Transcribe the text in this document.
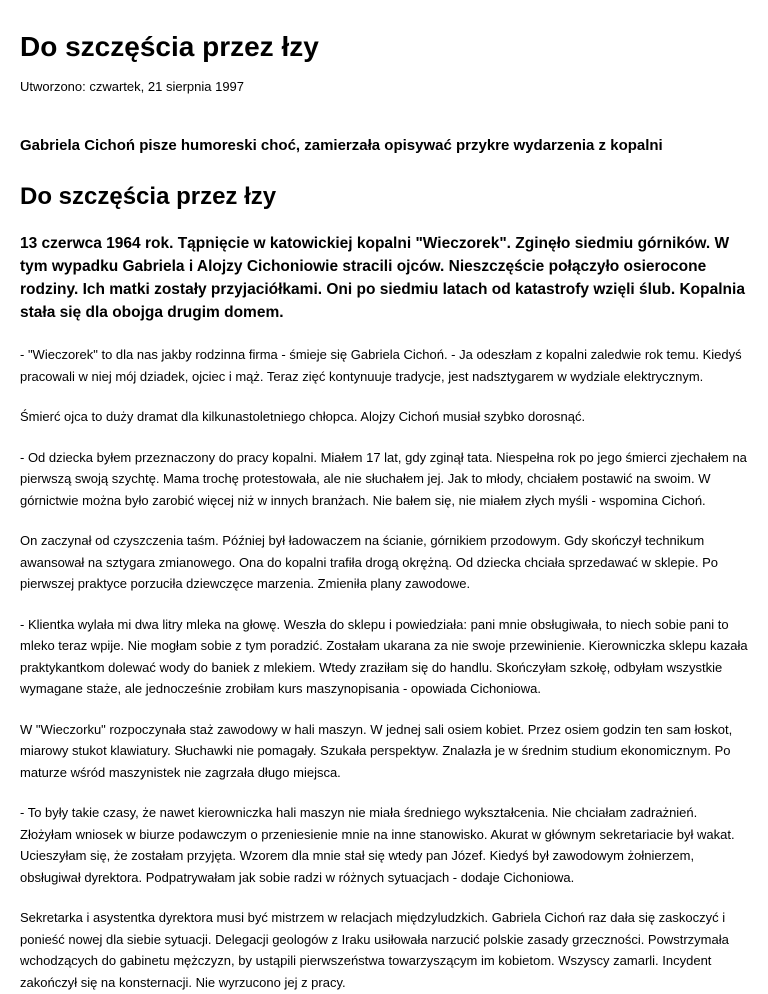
Do szczęścia przez łzy
Utworzono: czwartek, 21 sierpnia 1997
Gabriela Cichoń pisze humoreski choć, zamierzała opisywać przykre wydarzenia z kopalni
Do szczęścia przez łzy

13 czerwca 1964 rok. Tąpnięcie w katowickiej kopalni "Wieczorek". Zginęło siedmiu górników. W tym wypadku Gabriela i Alojzy Cichoniowie stracili ojców. Nieszczęście połączyło osierocone rodziny. Ich matki zostały przyjaciółkami. Oni po siedmiu latach od katastrofy wzięli ślub. Kopalnia stała się dla obojga drugim domem.

- "Wieczorek" to dla nas jakby rodzinna firma - śmieje się Gabriela Cichoń. - Ja odeszłam z kopalni zaledwie rok temu. Kiedyś pracowali w niej mój dziadek, ojciec i mąż. Teraz zięć kontynuuje tradycje, jest nadsztygarem w wydziale elektrycznym.

Śmierć ojca to duży dramat dla kilkunastoletniego chłopca. Alojzy Cichoń musiał szybko dorosnąć.

- Od dziecka byłem przeznaczony do pracy kopalni. Miałem 17 lat, gdy zginął tata. Niespełna rok po jego śmierci zjechałem na pierwszą swoją szychtę. Mama trochę protestowała, ale nie słuchałem jej. Jak to młody, chciałem postawić na swoim. W górnictwie można było zarobić więcej niż w innych branżach. Nie bałem się, nie miałem złych myśli - wspomina Cichoń.

On zaczynał od czyszczenia taśm. Później był ładowaczem na ścianie, górnikiem przodowym. Gdy skończył technikum awansował na sztygara zmianowego. Ona do kopalni trafiła drogą okrężną. Od dziecka chciała sprzedawać w sklepie. Po pierwszej praktyce porzuciła dziewczęce marzenia. Zmieniła plany zawodowe.

- Klientka wylała mi dwa litry mleka na głowę. Weszła do sklepu i powiedziała: pani mnie obsługiwała, to niech sobie pani to mleko teraz wpije. Nie mogłam sobie z tym poradzić. Zostałam ukarana za nie swoje przewinienie. Kierowniczka sklepu kazała praktykantkom dolewać wody do baniek z mlekiem. Wtedy zraziłam się do handlu. Skończyłam szkołę, odbyłam wszystkie wymagane staże, ale jednocześnie zrobiłam kurs maszynopisania - opowiada Cichoniowa.

W "Wieczorku" rozpoczynała staż zawodowy w hali maszyn. W jednej sali osiem kobiet. Przez osiem godzin ten sam łoskot, miarowy stukot klawiatury. Słuchawki nie pomagały. Szukała perspektyw. Znalazła je w średnim studium ekonomicznym. Po maturze wśród maszynistek nie zagrzała długo miejsca.

- To były takie czasy, że nawet kierowniczka hali maszyn nie miała średniego wykształcenia. Nie chciałam zadrażnień. Złożyłam wniosek w biurze podawczym o przeniesienie mnie na inne stanowisko. Akurat w głównym sekretariacie był wakat. Ucieszyłam się, że zostałam przyjęta. Wzorem dla mnie stał się wtedy pan Józef. Kiedyś był zawodowym żołnierzem, obsługiwał dyrektora. Podpatrywałam jak sobie radzi w różnych sytuacjach - dodaje Cichoniowa.

Sekretarka i asystentka dyrektora musi być mistrzem w relacjach międzyludzkich. Gabriela Cichoń raz dała się zaskoczyć i ponieść nowej dla siebie sytuacji. Delegacji geologów z Iraku usiłowała narzucić polskie zasady grzeczności. Powstrzymała wchodzących do gabinetu mężczyzn, by ustąpili pierwszeństwa towarzyszącym im kobietom. Wszyscy zamarli. Incydent zakończył się na konsternacji. Nie wyrzucono jej z pracy.
